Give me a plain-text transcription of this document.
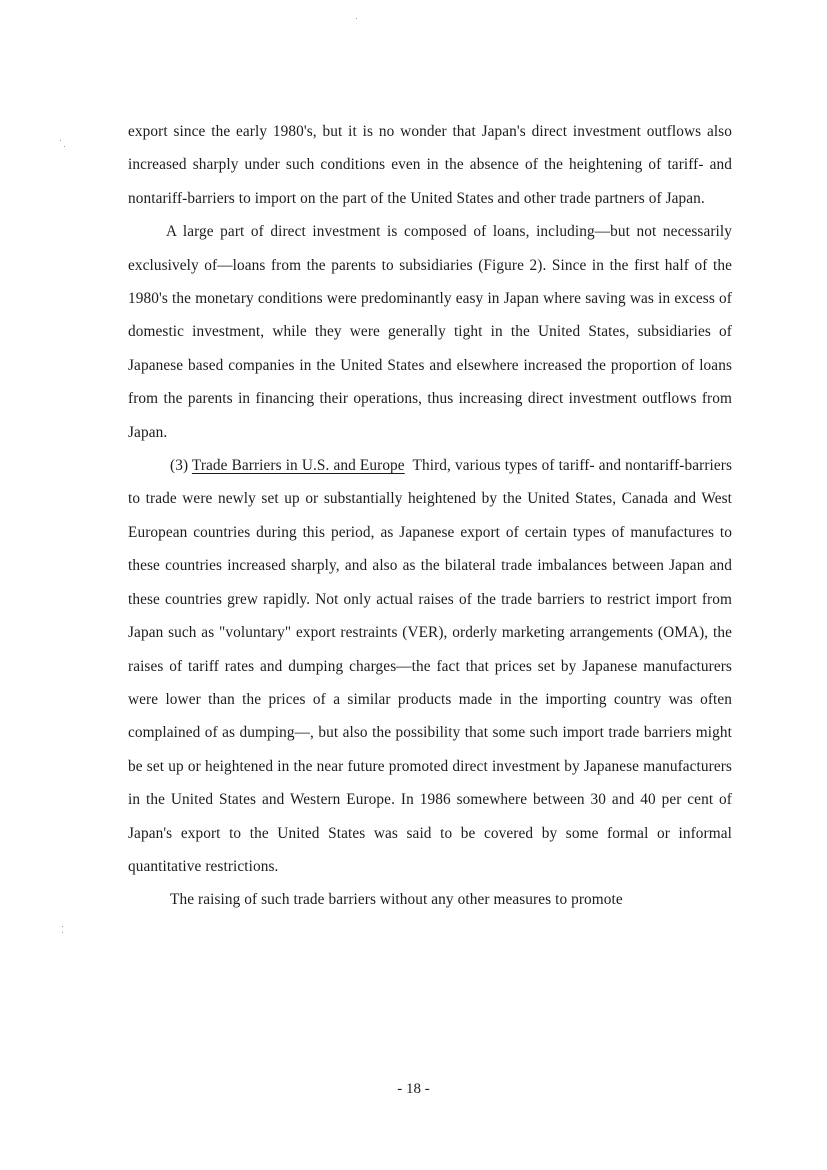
export since the early 1980's, but it is no wonder that Japan's direct investment outflows also increased sharply under such conditions even in the absence of the heightening of tariff- and nontariff-barriers to import on the part of the United States and other trade partners of Japan.

A large part of direct investment is composed of loans, including—but not necessarily exclusively of—loans from the parents to subsidiaries (Figure 2). Since in the first half of the 1980's the monetary conditions were predominantly easy in Japan where saving was in excess of domestic investment, while they were generally tight in the United States, subsidiaries of Japanese based companies in the United States and elsewhere increased the proportion of loans from the parents in financing their operations, thus increasing direct investment outflows from Japan.

(3) Trade Barriers in U.S. and Europe Third, various types of tariff- and nontariff-barriers to trade were newly set up or substantially heightened by the United States, Canada and West European countries during this period, as Japanese export of certain types of manufactures to these countries increased sharply, and also as the bilateral trade imbalances between Japan and these countries grew rapidly. Not only actual raises of the trade barriers to restrict import from Japan such as "voluntary" export restraints (VER), orderly marketing arrangements (OMA), the raises of tariff rates and dumping charges—the fact that prices set by Japanese manufacturers were lower than the prices of a similar products made in the importing country was often complained of as dumping—, but also the possibility that some such import trade barriers might be set up or heightened in the near future promoted direct investment by Japanese manufacturers in the United States and Western Europe. In 1986 somewhere between 30 and 40 per cent of Japan's export to the United States was said to be covered by some formal or informal quantitative restrictions.

The raising of such trade barriers without any other measures to promote

- 18 -
